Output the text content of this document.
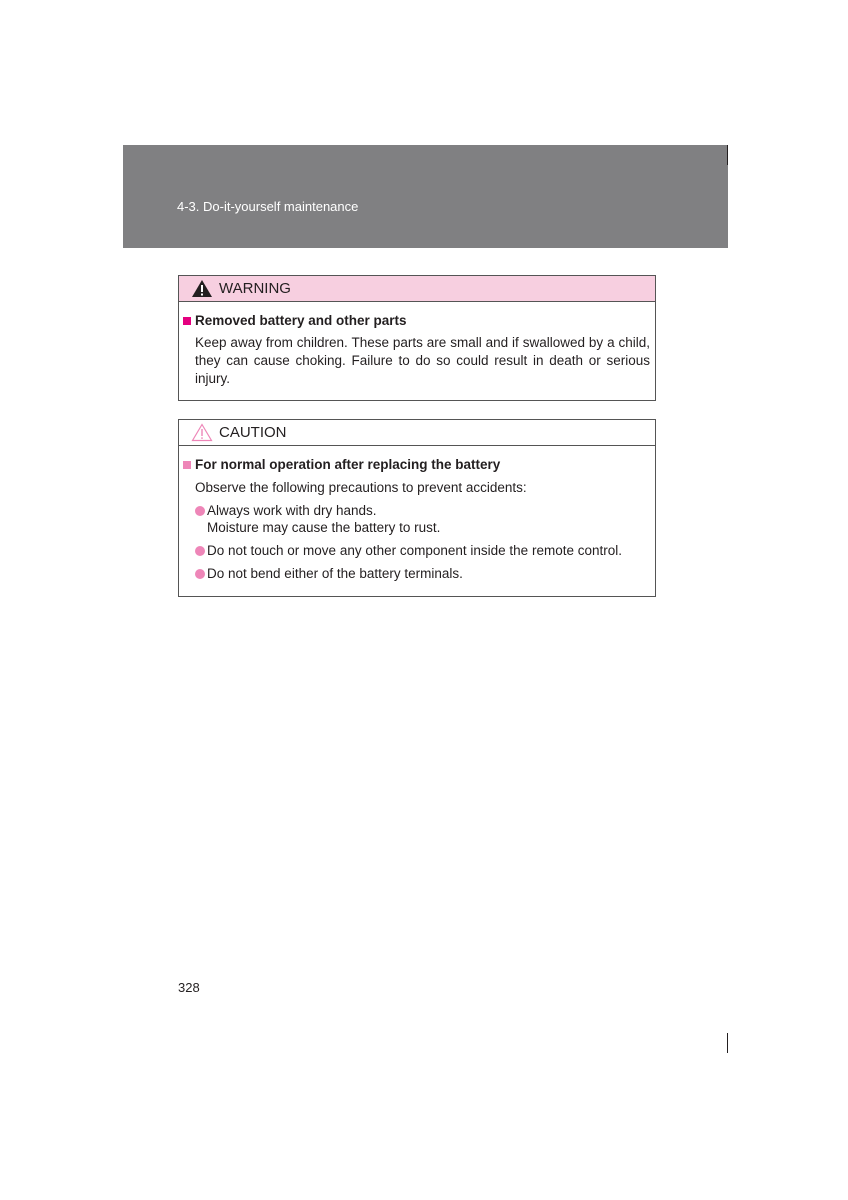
4-3. Do-it-yourself maintenance
WARNING
Removed battery and other parts
Keep away from children. These parts are small and if swallowed by a child, they can cause choking. Failure to do so could result in death or serious injury.
CAUTION
For normal operation after replacing the battery
Observe the following precautions to prevent accidents:
Always work with dry hands.
Moisture may cause the battery to rust.
Do not touch or move any other component inside the remote control.
Do not bend either of the battery terminals.
328
